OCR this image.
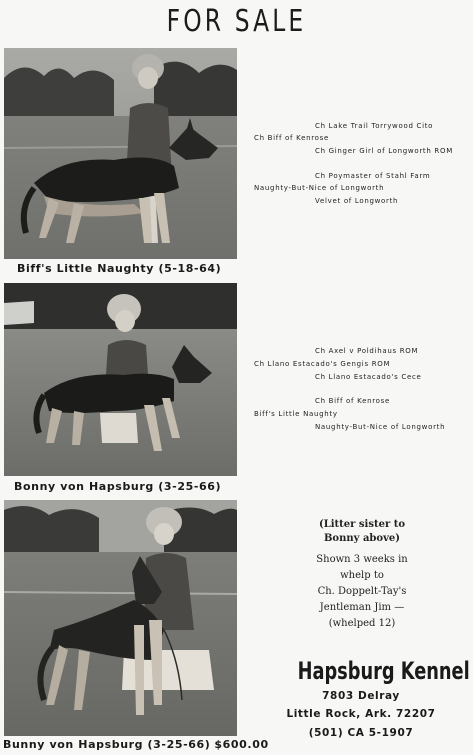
FOR SALE
Biff's Little Naughty (5-18-64)
Ch Lake Trail Torrywood Cito
Ch Biff of Kenrose
Ch Ginger Girl of Longworth ROM
Ch Poymaster of Stahl Farm
Naughty-But-Nice of Longworth
Velvet of Longworth
Bonny von Hapsburg (3-25-66)
Ch Axel v Poldihaus ROM
Ch Llano Estacado's Gengis ROM
Ch Llano Estacado's Cece
Ch Biff of Kenrose
Biff's Little Naughty
Naughty-But-Nice of Longworth
Bunny von Hapsburg (3-25-66) $600.00
(Litter sister to
Bonny above)
Shown 3 weeks in
whelp to
Ch. Doppelt-Tay's
Jentleman Jim —
(whelped 12)
Hapsburg Kennel
7803 Delray
Little Rock, Ark. 72207
(501) CA 5-1907
